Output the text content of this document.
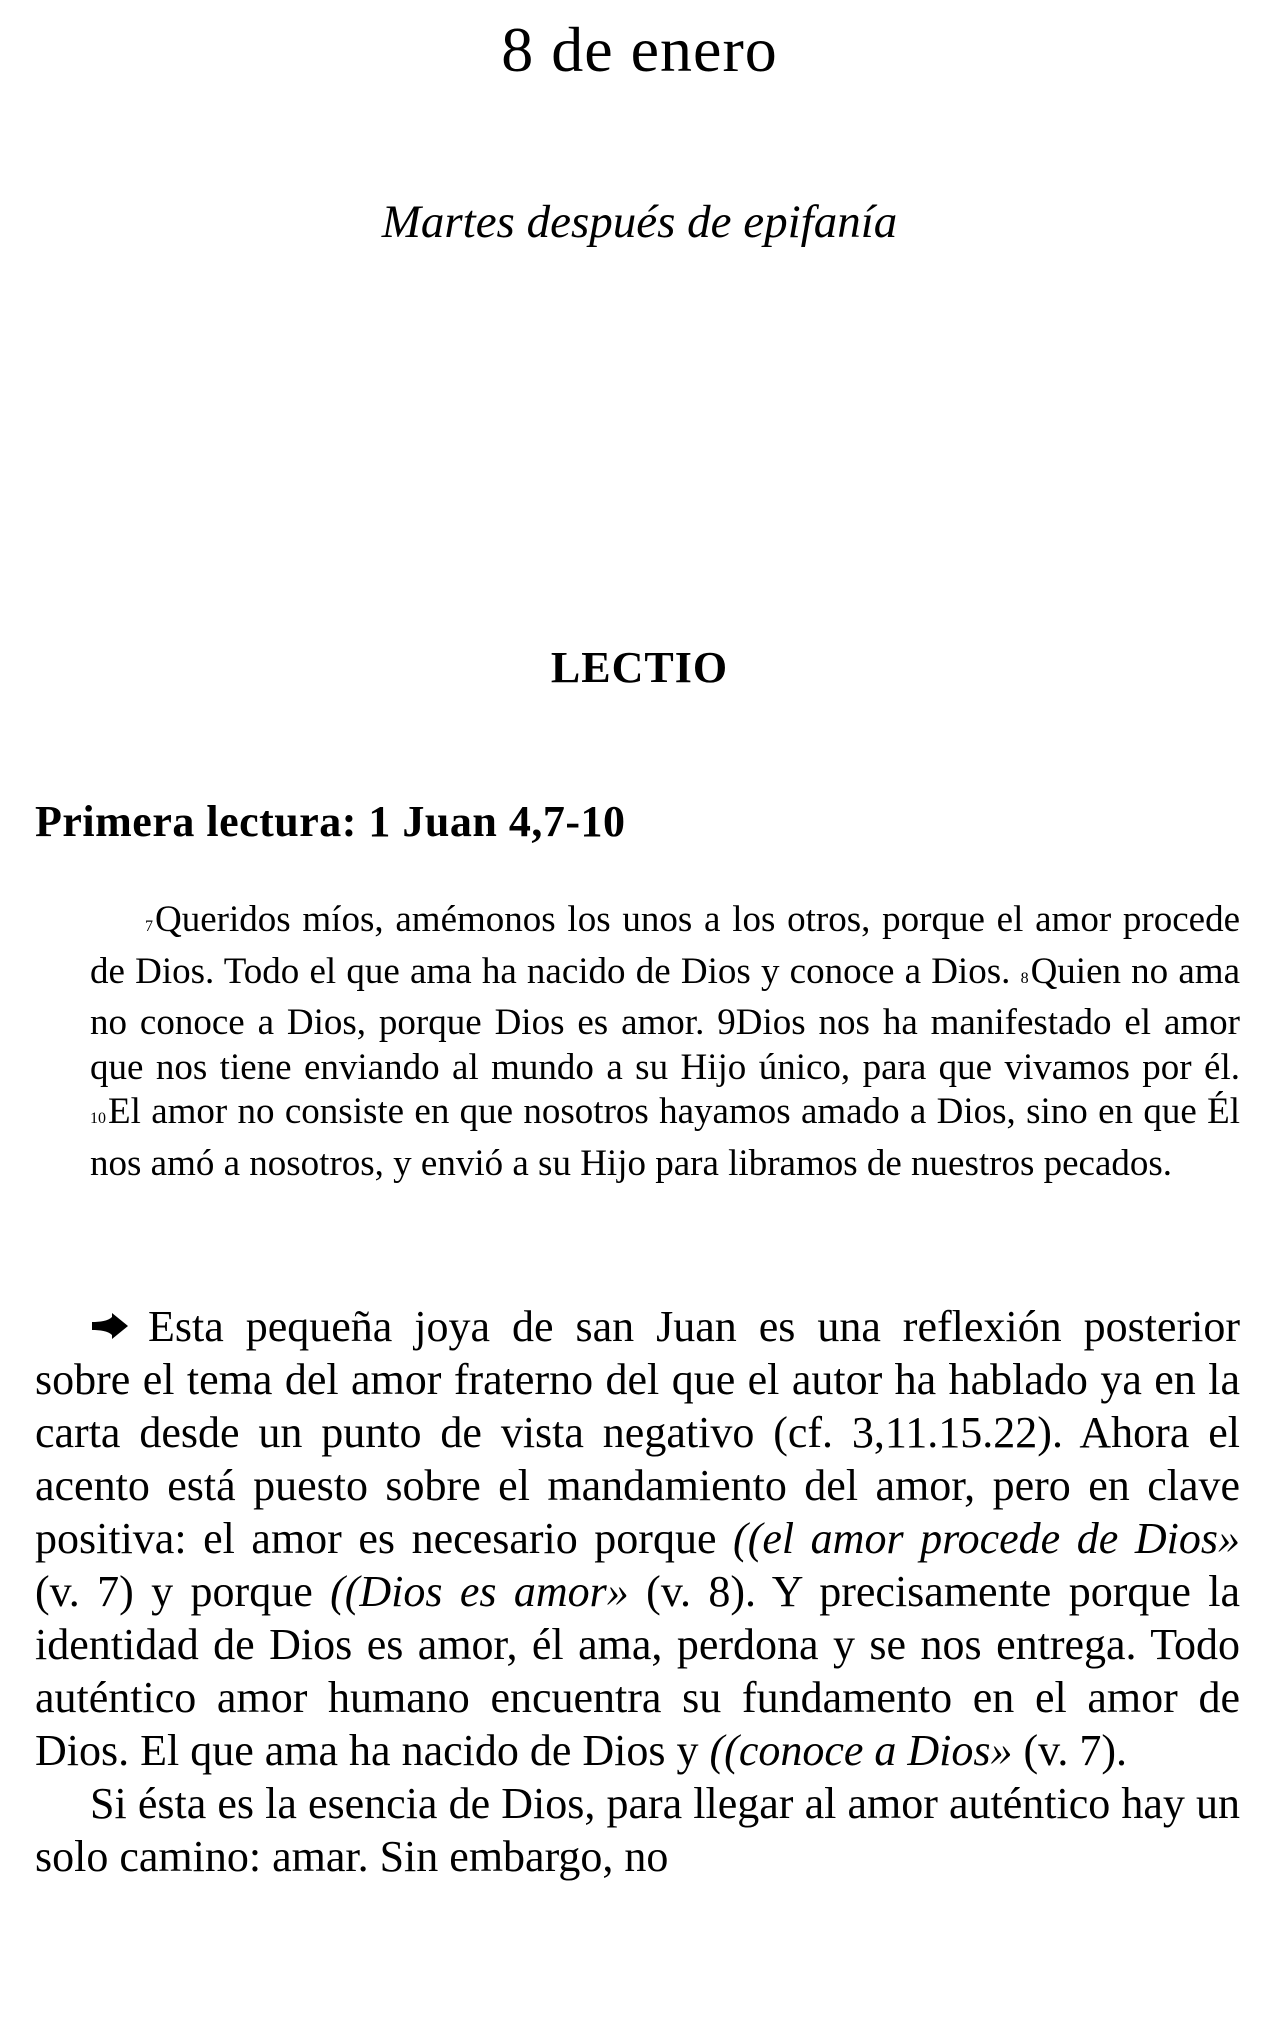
8 de enero
Martes después de epifanía
LECTIO
Primera lectura: 1 Juan 4,7-10

7Queridos míos, amémonos los unos a los otros, porque el amor procede de Dios. Todo el que ama ha nacido de Dios y conoce a Dios. 8Quien no ama no conoce a Dios, porque Dios es amor. 9Dios nos ha manifestado el amor que nos tiene enviando al mundo a su Hijo único, para que vivamos por él. 10El amor no consiste en que nosotros hayamos amado a Dios, sino en que Él nos amó a nosotros, y envió a su Hijo para libramos de nuestros pecados.

Esta pequeña joya de san Juan es una reflexión posterior sobre el tema del amor fraterno del que el autor ha hablado ya en la carta desde un punto de vista negativo (cf. 3,11.15.22). Ahora el acento está puesto sobre el mandamiento del amor, pero en clave positiva: el amor es necesario porque ((el amor procede de Dios» (v. 7) y porque ((Dios es amor» (v. 8). Y precisamente porque la identidad de Dios es amor, él ama, perdona y se nos entrega. Todo auténtico amor humano encuentra su fundamento en el amor de Dios. El que ama ha nacido de Dios y ((conoce a Dios» (v. 7).

Si ésta es la esencia de Dios, para llegar al amor auténtico hay un solo camino: amar. Sin embargo, no
